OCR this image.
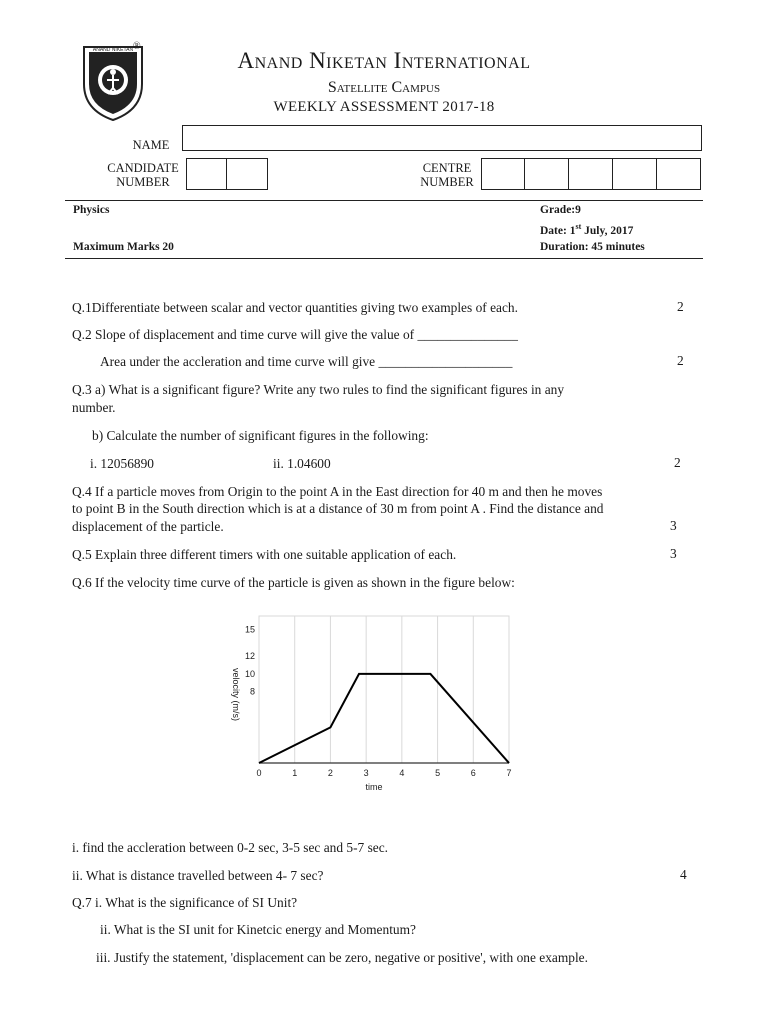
ANAND NIKETAN ®
Anand Niketan International
Satellite Campus
WEEKLY ASSESSMENT 2017-18
NAME
CANDIDATE
NUMBER
CENTRE
NUMBER
Physics	Grade:9
Date: 1st July, 2017
Maximum Marks 20	Duration: 45 minutes
Q.1Differentiate between scalar and vector quantities giving two examples of each.	2
Q.2 Slope of displacement and time curve will give the value of _______________
Area under the accleration and time curve will give ____________________	2
Q.3 a) What is a significant figure? Write any two rules to find the significant figures in any
number.
b) Calculate the number of significant figures in the following:
i. 12056890	ii. 1.04600	2
Q.4 If a particle moves from Origin to the point A in the East direction for 40 m and then he moves
to point B in the South direction which is at a distance of 30 m from point A . Find the distance and
displacement of the particle.	3
Q.5 Explain three different timers with one suitable application of each.	3
Q.6 If the velocity time curve of the particle is given as shown in the figure below:
0	1	2	3	4	5	6	7
8
10
12
15
time
velocity (m/s)
i. find the accleration between 0-2 sec, 3-5 sec and 5-7 sec.
ii. What is distance travelled between 4- 7 sec?	4
Q.7 i. What is the significance of SI Unit?
ii. What is the SI unit for Kinetcic energy and Momentum?
iii. Justify the statement, 'displacement can be zero, negative or positive', with one example.
